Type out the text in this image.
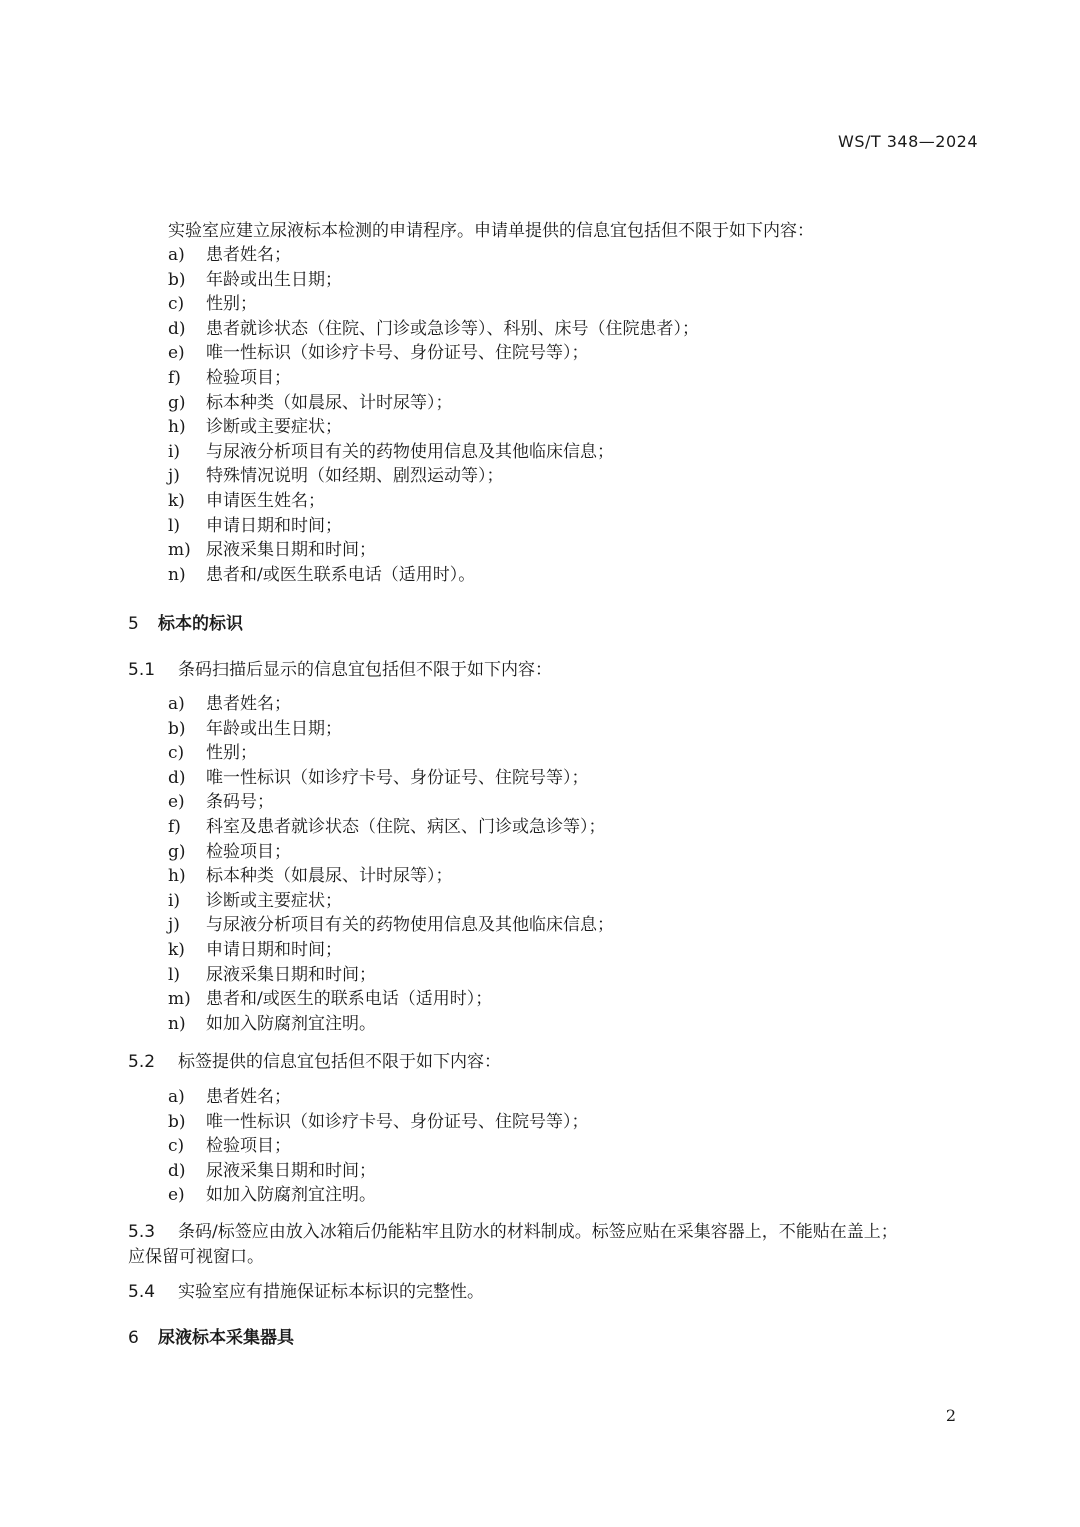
WS/T 348—2024
实验室应建立尿液标本检测的申请程序。申请单提供的信息宜包括但不限于如下内容：
a)	患者姓名；
b)	年龄或出生日期；
c)	性别；
d)	患者就诊状态（住院、门诊或急诊等）、科别、床号（住院患者）；
e)	唯一性标识（如诊疗卡号、身份证号、住院号等）；
f)	检验项目；
g)	标本种类（如晨尿、计时尿等）；
h)	诊断或主要症状；
i)	与尿液分析项目有关的药物使用信息及其他临床信息；
j)	特殊情况说明（如经期、剧烈运动等）；
k)	申请医生姓名；
l)	申请日期和时间；
m) 尿液采集日期和时间；
n)	患者和/或医生联系电话（适用时）。
5 标本的标识
5.1 条码扫描后显示的信息宜包括但不限于如下内容：
a)	患者姓名；
b)	年龄或出生日期；
c)	性别；
d)	唯一性标识（如诊疗卡号、身份证号、住院号等）；
e)	条码号；
f)	科室及患者就诊状态（住院、病区、门诊或急诊等）；
g)	检验项目；
h)	标本种类（如晨尿、计时尿等）；
i)	诊断或主要症状；
j)	与尿液分析项目有关的药物使用信息及其他临床信息；
k)	申请日期和时间；
l)	尿液采集日期和时间；
m) 患者和/或医生的联系电话（适用时）；
n)	如加入防腐剂宜注明。
5.2 标签提供的信息宜包括但不限于如下内容：
a)	患者姓名；
b)	唯一性标识（如诊疗卡号、身份证号、住院号等）；
c)	检验项目；
d)	尿液采集日期和时间；
e)	如加入防腐剂宜注明。
5.3 条码/标签应由放入冰箱后仍能粘牢且防水的材料制成。标签应贴在采集容器上，不能贴在盖上；
应保留可视窗口。
5.4 实验室应有措施保证标本标识的完整性。
6 尿液标本采集器具
2
